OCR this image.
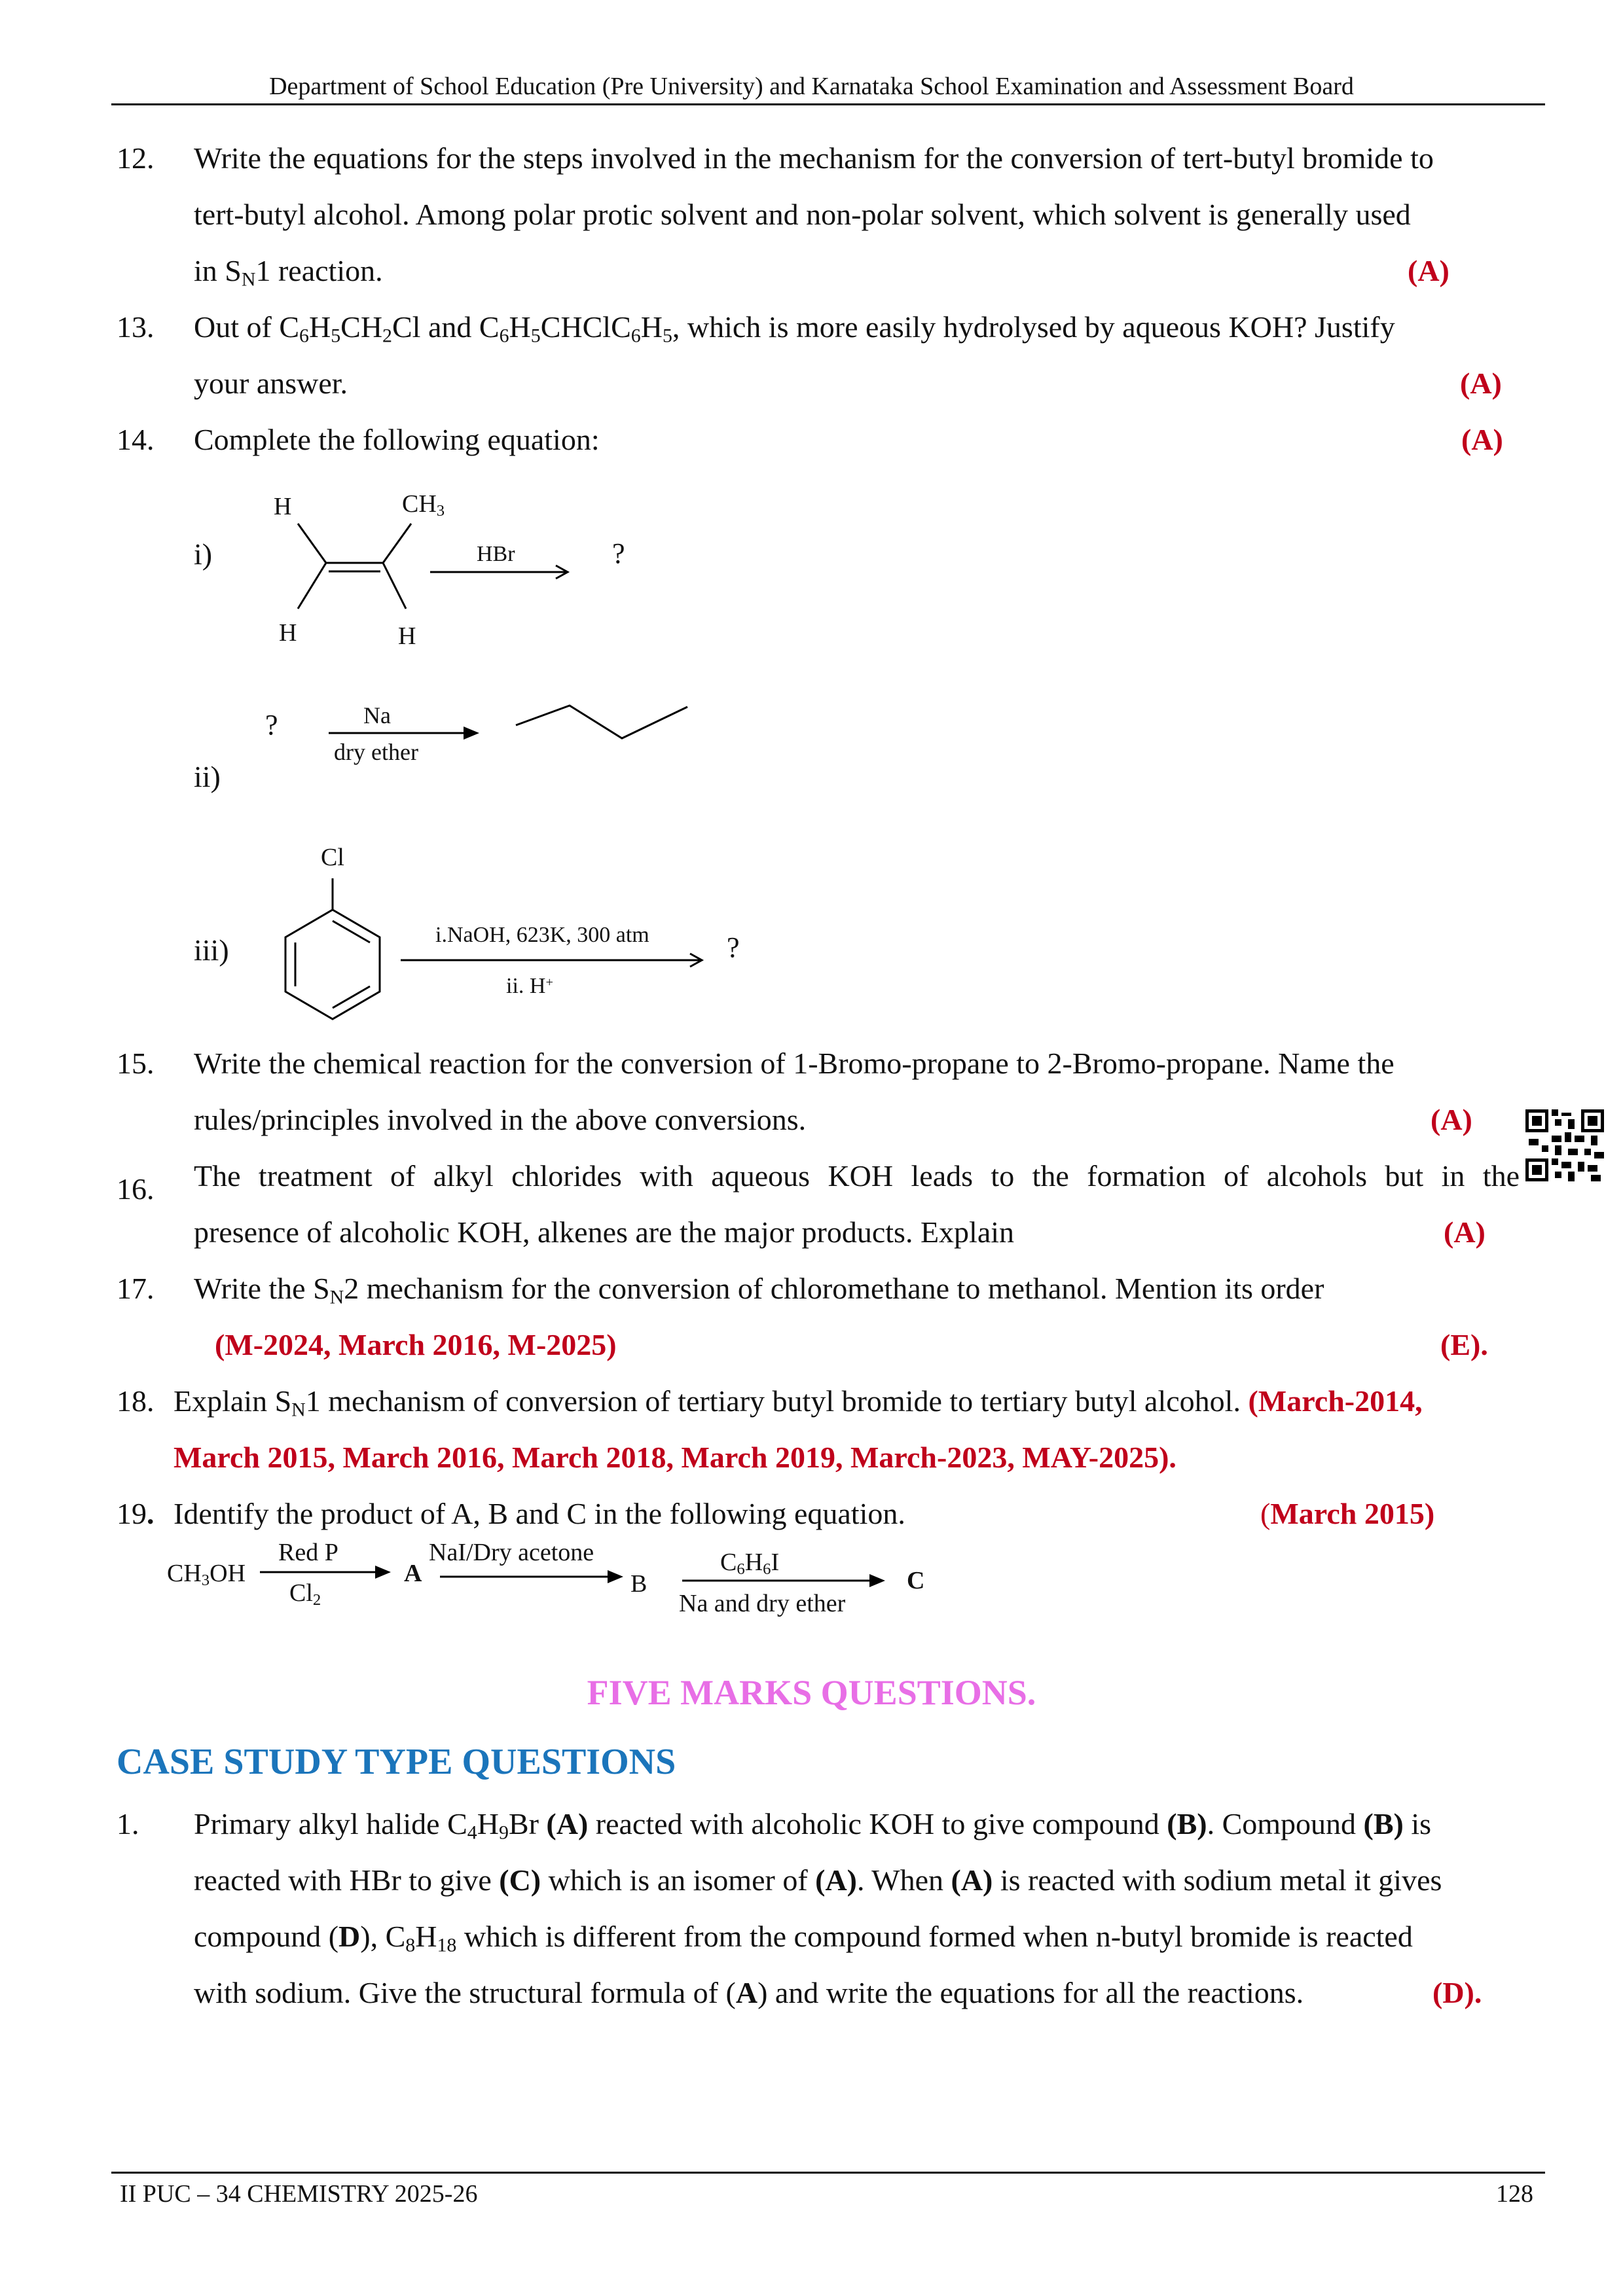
Department of School Education (Pre University) and Karnataka School Examination and Assessment Board
12. Write the equations for the steps involved in the mechanism for the conversion of tert-butyl bromide to
tert-butyl alcohol. Among polar protic solvent and non-polar solvent, which solvent is generally used
in $S_N1$ reaction.	(A)
13. Out of $C_6H_5CH_2Cl$ and $C_6H_5CHClC_6H_5$, which is more easily hydrolysed by aqueous KOH? Justify
your answer.	(A)
14. Complete the following equation:	(A)
i)
H	$CH_3$
H	H
HBr	?
?	Na
dry ether
ii)
Cl
iii)	i.NaOH, 623K, 300 atm
ii. H+
?
15. Write the chemical reaction for the conversion of 1-Bromo-propane to 2-Bromo-propane. Name the
rules/principles involved in the above conversions.	(A)
16. The treatment of alkyl chlorides with aqueous KOH leads to the formation of alcohols but in the
presence of alcoholic KOH, alkenes are the major products. Explain	(A)
17. Write the $S_N2$ mechanism for the conversion of chloromethane to methanol. Mention its order
(M-2024, March 2016, M-2025)	(E).
18. Explain $S_N1$ mechanism of conversion of tertiary butyl bromide to tertiary butyl alcohol. (March-2014,
March 2015, March 2016, March 2018, March 2019, March-2023, MAY-2025).
19. Identify the product of A, B and C in the following equation.	(March 2015)
$CH_3OH$
Red P
$Cl_2$
A
NaI/Dry acetone
B
$C_6H_6I$
Na and dry ether
C
FIVE MARKS QUESTIONS.
CASE STUDY TYPE QUESTIONS
1. Primary alkyl halide $C_4H_9Br$ (A) reacted with alcoholic KOH to give compound (B). Compound (B) is
reacted with HBr to give (C) which is an isomer of (A). When (A) is reacted with sodium metal it gives
compound (D), $C_8H_{18}$ which is different from the compound formed when n-butyl bromide is reacted
with sodium. Give the structural formula of (A) and write the equations for all the reactions.	(D).
II PUC – 34 CHEMISTRY 2025-26	128
